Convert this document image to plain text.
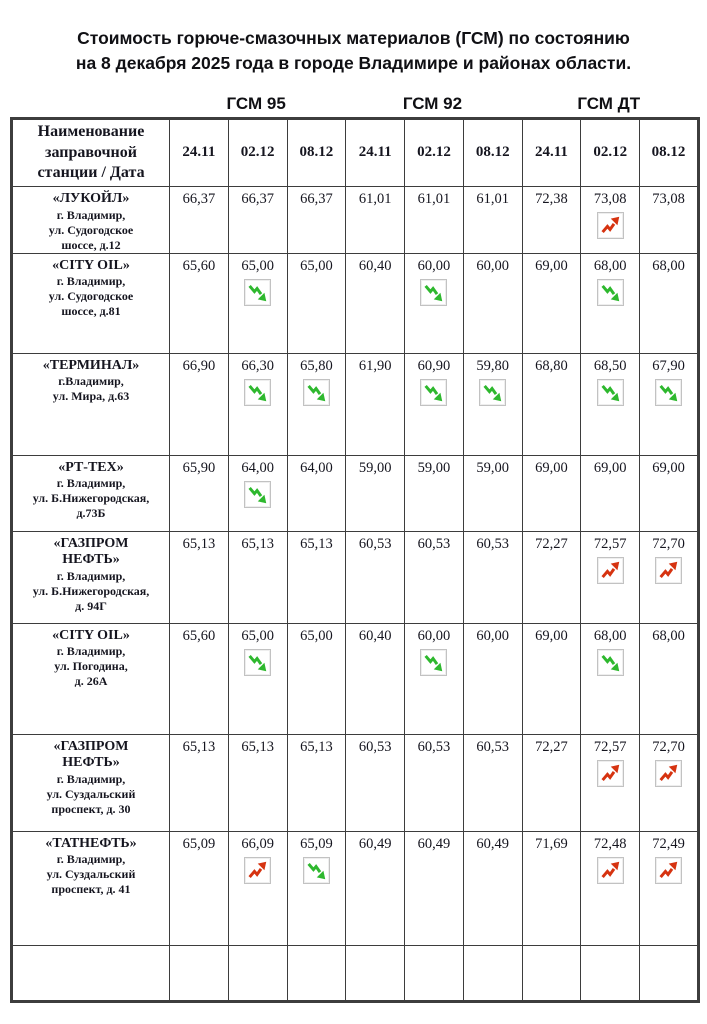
Стоимость горюче-смазочных материалов (ГСМ) по состоянию
на 8 декабря 2025 года в городе Владимире и районах области.
ГСМ 95	ГСМ 92	ГСМ ДТ
Наименование
заправочной
станции / Дата	24.11	02.12	08.12	24.11	02.12	08.12	24.11	02.12	08.12

«ЛУКОЙЛ»
г. Владимир,
ул. Судогодское
шоссе, д.12	66,37	66,37	66,37	61,01	61,01	61,01	72,38	73,08	73,08

«CITY OIL»
г. Владимир,
ул. Судогодское
шоссе, д.81	65,60	65,00	65,00	60,40	60,00	60,00	69,00	68,00	68,00

«ТЕРМИНАЛ»
г.Владимир,
ул. Мира, д.63	66,90	66,30	65,80	61,90	60,90	59,80	68,80	68,50	67,90

«РТ-ТЕХ»
г. Владимир,
ул. Б.Нижегородская,
д.73Б	65,90	64,00	64,00	59,00	59,00	59,00	69,00	69,00	69,00

«ГАЗПРОМ
НЕФТЬ»
г. Владимир,
ул. Б.Нижегородская,
д. 94Г	65,13	65,13	65,13	60,53	60,53	60,53	72,27	72,57	72,70

«CITY OIL»
г. Владимир,
ул. Погодина,
д. 26А	65,60	65,00	65,00	60,40	60,00	60,00	69,00	68,00	68,00

«ГАЗПРОМ
НЕФТЬ»
г. Владимир,
ул. Суздальский
проспект, д. 30	65,13	65,13	65,13	60,53	60,53	60,53	72,27	72,57	72,70

«ТАТНЕФТЬ»
г. Владимир,
ул. Суздальский
проспект, д. 41	65,09	66,09	65,09	60,49	60,49	60,49	71,69	72,48	72,49
